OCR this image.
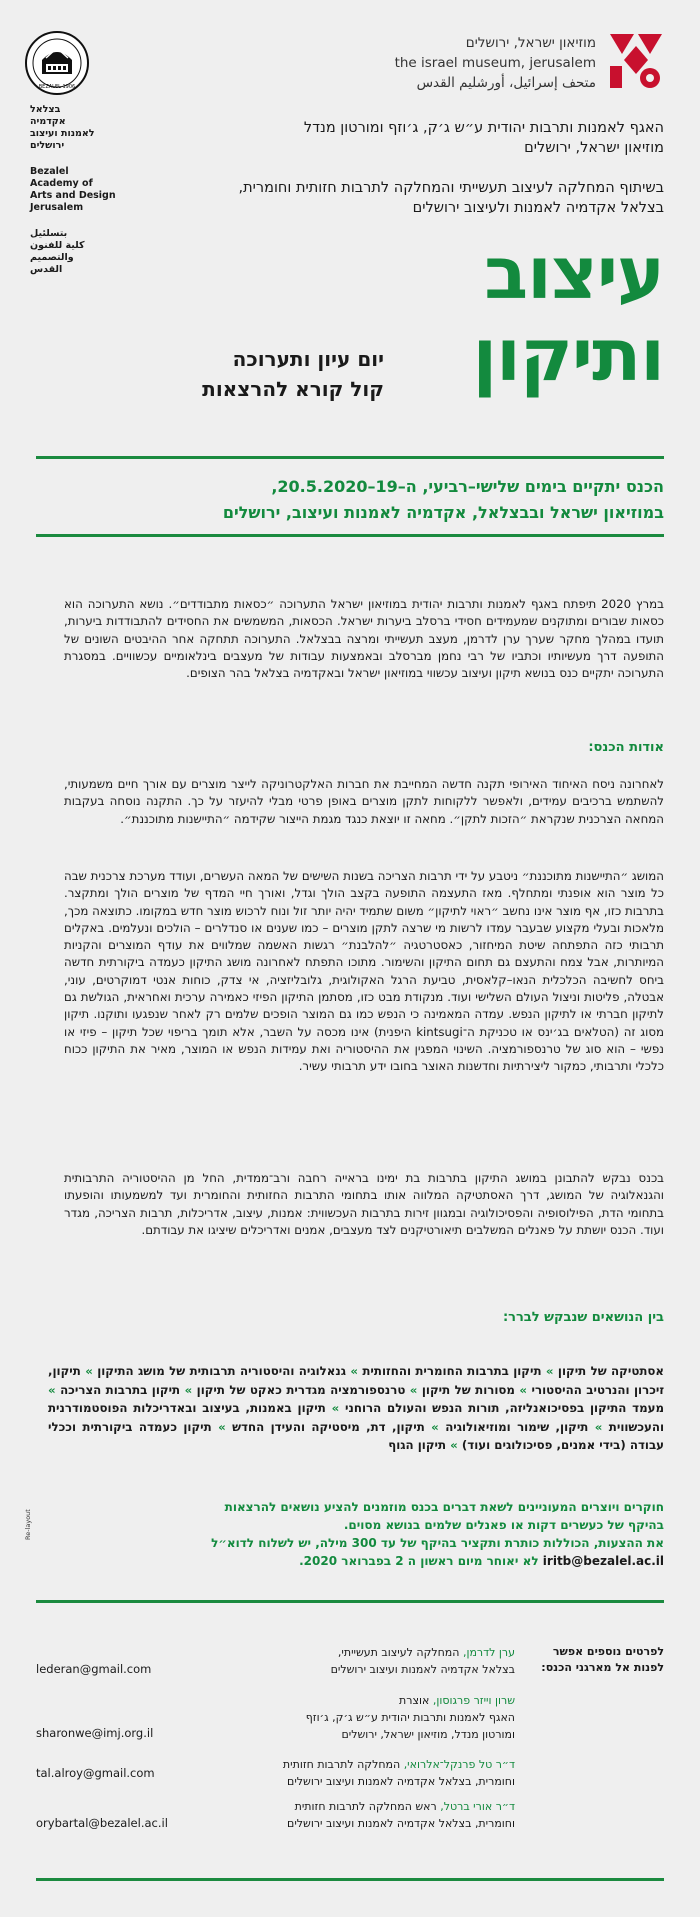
BEZALEL 1906
בצלאל
אקדמיה
לאמנות ועיצוב
ירושלים
Bezalel
Academy of
Arts and Design
Jerusalem
بتسلئيل
كلية للفنون
والتصميم
القدس
מוזיאון ישראל, ירושלים
the israel museum, jerusalem
متحف إسرائيل، أورشليم القدس
האגף לאמנות ותרבות יהודית ע״ש ג׳ק, ג׳וזף ומורטון מנדל
מוזיאון ישראל, ירושלים
בשיתוף המחלקה לעיצוב תעשייתי והמחלקה לתרבות חזותית וחומרית,
בצלאל אקדמיה לאמנות ולעיצוב ירושלים
עיצוב
ותיקון
יום עיון ותערוכה
קול קורא להרצאות
הכנס יתקיים בימים שלישי–רביעי, ה–19–20.5.2020,
במוזיאון ישראל ובבצלאל, אקדמיה לאמנות ועיצוב, ירושלים
במרץ 2020 תיפתח באגף לאמנות ותרבות יהודית במוזיאון ישראל התערוכה ״כסאות מתבודדים״. נושא התערוכה הוא כסאות שבורים ומתוקנים שמעמידים חסידי ברסלב ביערות ישראל. הכסאות, המשמשים את החסידים להתבודדות ביערות, תועדו במהלך מחקר שערך ערן לדרמן, מעצב תעשייתי ומרצה בבצלאל. התערוכה תתחקה אחר ההיבטים השונים של התופעה דרך מעשיותיו וכתביו של רבי נחמן מברסלב ובאמצעות עבודות של מעצבים בינלאומיים עכשוויים. במסגרת התערוכה יתקיים כנס בנושא תיקון ועיצוב עכשווי במוזיאון ישראל ובאקדמיה בצלאל בהר הצופים.
אודות הכנס:
לאחרונה ניסח האיחוד האירופי תקנה חדשה המחייבת את חברות האלקטרוניקה לייצר מוצרים עם אורך חיים משמעותי, להשתמש ברכיבים עמידים, ולאפשר ללקוחות לתקן מוצרים באופן פרטי מבלי להיעזר על כך. התקנה נוסחה בעקבות המחאה הצרכנית שנקראת ״הזכות לתקן״. מחאה זו יוצאת כנגד מגמת הייצור שקידמה ״התיישנות מתוכננת״.
המושג ״התיישנות מתוכננת״ ניטבע על ידי תרבות הצריכה בשנות השישים של המאה העשרים, ועודד מערכת צרכנית שבה כל מוצר הוא אופנתי ומתחלף. מאז התעצמה התופעה בקצב הולך וגדל, ואורך חיי המדף של מוצרים הולך ומתקצר. בתרבות כזו, אף מוצר אינו נחשב ״ראוי לתיקון״ משום שתמיד יהיה יותר זול ונוח לרכוש מוצר חדש במקומו. כתוצאה מכך, מלאכות ובעלי מקצוע שבעבר עמדו לרשות מי שרצה לתקן מוצרים – כמו שענים או סנדלרים – הולכים ונעלמים. באקלים תרבותי כזה התפתחה שיטת המיחזור, כאסטרטגיה ״להלבנת״ רגשות האשמה שמלווים את עודף המוצרים והקניות המיותרות, אבל צמח והתעצם גם תחום התיקון והשימור. מתוכו התפתח לאחרונה מושג התיקון כעמדה ביקורתית חדשה ביחס לחשיבה הכלכלית הנאו–קלאסית, טביעת הרגל האקולוגית, גלובליזציה, אי צדק, כוחות אנטי דמוקרטים, עוני, אבטלה, פליטות וניצול העולם השלישי ועוד. מנקודת מבט כזו, מסתמן התיקון הפיזי כאמירה ערכית ואחראית, הגולשת גם לתיקון חברתי או לתיקון הנפש. עמדה המאמינה כי הנפש כמו גם המוצר הופכים שלמים רק לאחר שנפגעו ותוקנו. תיקון מסוג זה (הטלאים בג׳ינס או טכניקת ה־kintsugi היפנית) אינו מכסה על השבר, אלא תומך בריפוי שכל תיקון – פיזי או נפשי – הוא סוג של טרנספורמציה. השינוי המפגין את ההיסטוריה ואת עמידות הנפש או המוצר, מאיר את התיקון ככוח כלכלי ותרבותי, כמקור ליצירתיות וחדשנות האוצר בחובו ידע תרבותי עשיר.
בכנס נבקש להתבונן במושג התיקון בתרבות בת ימינו בראייה רחבה ורב־ממדית, החל מן ההיסטוריה התרבותית והגנאלוגיה של המושג, דרך האסתטיקה המלווה אותו בתחומי התרבות החזותית והחומרית ועד למשמעותו והופעתו בתחומי הדת, הפילוסופיה והפסיכולוגיה ובמגוון זירות בתרבות העכשווית: אמנות, עיצוב, אדריכלות, תרבות הצריכה, מגדר ועוד. הכנס יושתת על פאנלים המשלבים תיאורטיקנים לצד מעצבים, אמנים ואדריכלים שיציגו את עבודתם.
בין הנושאים שנבקש לברר:
אסתטיקה של תיקון » תיקון בתרבות החומרית והחזותית » גנאלוגיה והיסטוריה תרבותית של מושג התיקון » תיקון, זיכרון והנרטיב ההיסטורי » מסורות של תיקון » טרנספורמציה מגדרית כאקט של תיקון » תיקון בתרבות הצריכה » מעמד התיקון בפסיכואנליזה, תורות הנפש והעולם הרוחני » תיקון באמנות, בעיצוב ובאדריכלות הפוסטמודרנית והעכשווית » תיקון, שימור ומוזיאולוגיה » תיקון, דת, מיסטיקה והעידן החדש » תיקון כעמדה ביקורתית וככלי עבודה (בידי אמנים, פסיכולוגים ועוד) » תיקון הגוף
חוקרים ויוצרים המעוניינים לשאת דברים בכנס מוזמנים להציע נושאים להרצאות
בהיקף של כעשרים דקות או פאנלים שלמים בנושא מסוים.
את ההצעות, הכוללות כותרת ותקציר בהיקף של עד 300 מילה, יש לשלוח לדוא״ל
iritb@bezalel.ac.il לא יאוחר מיום ראשון ה 2 בפברואר 2020.
Re-layout
לפרטים נוספים אפשר
לפנות אל מארגני הכנס:
ערן לדרמן, המחלקה לעיצוב תעשייתי,
בצלאל אקדמיה לאמנות ועיצוב ירושלים
lederan@gmail.com
שרון וייזר פרגוסון, אוצרת
האגף לאמנות ותרבות יהודית ע״ש ג׳ק, ג׳וזף
ומורטון מנדל, מוזיאון ישראל, ירושלים
sharonwe@imj.org.il
ד״ר טל פרנקל־אלרואי, המחלקה לתרבות חזותית
וחומרית, בצלאל אקדמיה לאמנות ועיצוב ירושלים
tal.alroy@gmail.com
ד״ר אורי ברטל, ראש המחלקה לתרבות חזותית
וחומרית, בצלאל אקדמיה לאמנות ועיצוב ירושלים
orybartal@bezalel.ac.il
